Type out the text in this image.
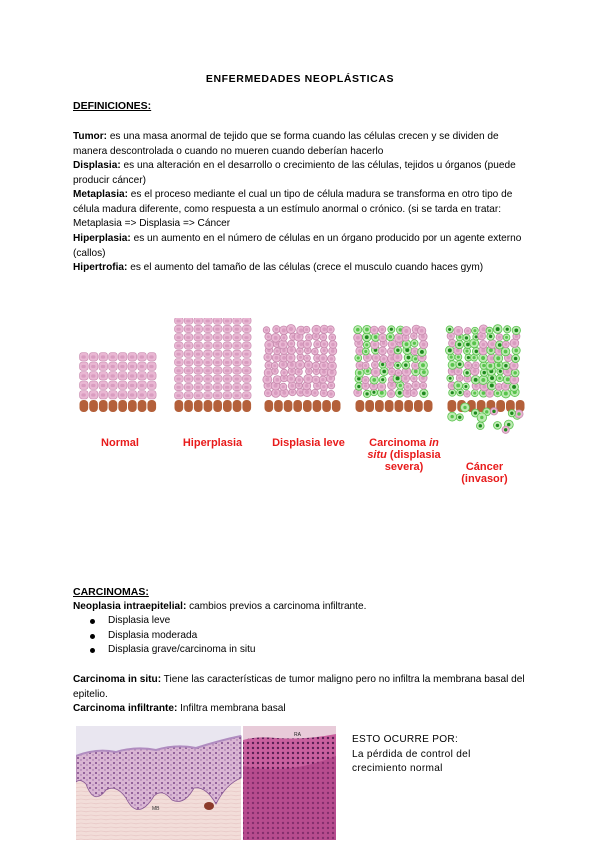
ENFERMEDADES NEOPLÁSTICAS
DEFINICIONES:
Tumor: es una masa anormal de tejido que se forma cuando las células crecen y se dividen de manera descontrolada o cuando no mueren cuando deberían hacerlo
Displasia: es una alteración en el desarrollo o crecimiento de las células, tejidos u órganos (puede producir cáncer)
Metaplasia: es el proceso mediante el cual un tipo de célula madura se transforma en otro tipo de célula madura diferente, como respuesta a un estímulo anormal o crónico. (si se tarda en tratar: Metaplasia => Displasia => Cáncer
Hiperplasia: es un aumento en el número de células en un órgano producido por un agente externo (callos)
Hipertrofia: es el aumento del tamaño de las células (crece el musculo cuando haces gym)
Normal	Hiperplasia	Displasia leve	Carcinoma in
situ (displasia
severa)	Cáncer
(invasor)
CARCINOMAS:
Neoplasia intraepitelial: cambios previos a carcinoma infiltrante.
Displasia leve
Displasia moderada
Displasia grave/carcinoma in situ
Carcinoma in situ: Tiene las características de tumor maligno pero no infiltra la membrana basal del epitelio.
Carcinoma infiltrante: Infiltra membrana basal
MB
RA	ESTO OCURRE POR:
La pérdida de control del
crecimiento normal
